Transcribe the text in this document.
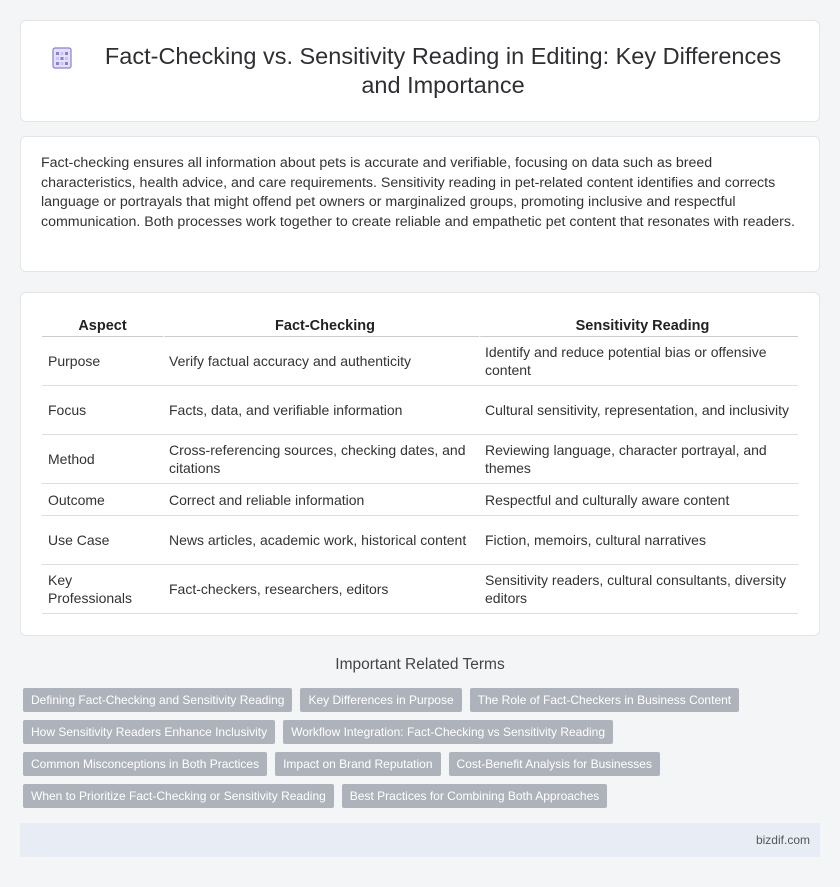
Fact-Checking vs. Sensitivity Reading in Editing: Key Differences and Importance

Fact-checking ensures all information about pets is accurate and verifiable, focusing on data such as breed characteristics, health advice, and care requirements. Sensitivity reading in pet-related content identifies and corrects language or portrayals that might offend pet owners or marginalized groups, promoting inclusive and respectful communication. Both processes work together to create reliable and empathetic pet content that resonates with readers.

Aspect	Fact-Checking	Sensitivity Reading
Purpose	Verify factual accuracy and authenticity	Identify and reduce potential bias or offensive content
Focus	Facts, data, and verifiable information	Cultural sensitivity, representation, and inclusivity
Method	Cross-referencing sources, checking dates, and citations	Reviewing language, character portrayal, and themes
Outcome	Correct and reliable information	Respectful and culturally aware content
Use Case	News articles, academic work, historical content	Fiction, memoirs, cultural narratives
Key Professionals	Fact-checkers, researchers, editors	Sensitivity readers, cultural consultants, diversity editors
Important Related Terms
Defining Fact-Checking and Sensitivity Reading	Key Differences in Purpose	The Role of Fact-Checkers in Business Content
How Sensitivity Readers Enhance Inclusivity	Workflow Integration: Fact-Checking vs Sensitivity Reading
Common Misconceptions in Both Practices	Impact on Brand Reputation	Cost-Benefit Analysis for Businesses
When to Prioritize Fact-Checking or Sensitivity Reading	Best Practices for Combining Both Approaches
bizdif.com
